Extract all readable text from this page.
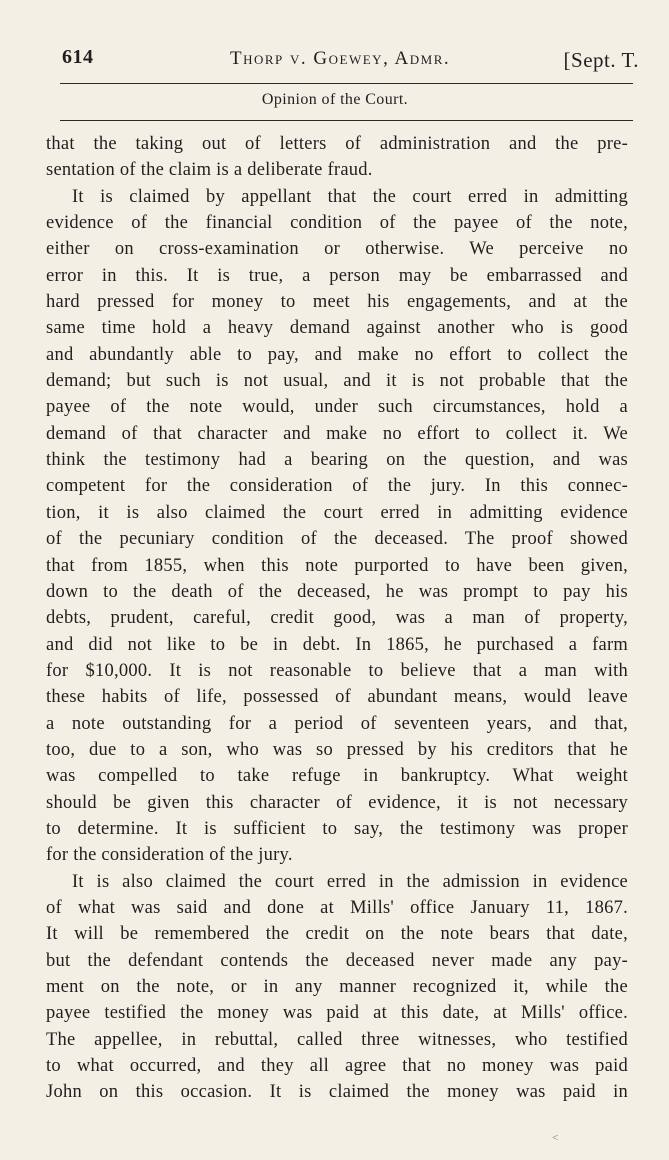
614	Thorp v. Goewey, Admr.	[Sept. T.
Opinion of the Court.
that the taking out of letters of administration and the pre-
sentation of the claim is a deliberate fraud.
It is claimed by appellant that the court erred in admitting
evidence of the financial condition of the payee of the note,
either on cross-examination or otherwise. We perceive no
error in this. It is true, a person may be embarrassed and
hard pressed for money to meet his engagements, and at the
same time hold a heavy demand against another who is good
and abundantly able to pay, and make no effort to collect the
demand; but such is not usual, and it is not probable that the
payee of the note would, under such circumstances, hold a
demand of that character and make no effort to collect it. We
think the testimony had a bearing on the question, and was
competent for the consideration of the jury. In this connec-
tion, it is also claimed the court erred in admitting evidence
of the pecuniary condition of the deceased. The proof showed
that from 1855, when this note purported to have been given,
down to the death of the deceased, he was prompt to pay his
debts, prudent, careful, credit good, was a man of property,
and did not like to be in debt. In 1865, he purchased a farm
for $10,000. It is not reasonable to believe that a man with
these habits of life, possessed of abundant means, would leave
a note outstanding for a period of seventeen years, and that,
too, due to a son, who was so pressed by his creditors that he
was compelled to take refuge in bankruptcy. What weight
should be given this character of evidence, it is not necessary
to determine. It is sufficient to say, the testimony was proper
for the consideration of the jury.
It is also claimed the court erred in the admission in evidence
of what was said and done at Mills' office January 11, 1867.
It will be remembered the credit on the note bears that date,
but the defendant contends the deceased never made any pay-
ment on the note, or in any manner recognized it, while the
payee testified the money was paid at this date, at Mills' office.
The appellee, in rebuttal, called three witnesses, who testified
to what occurred, and they all agree that no money was paid
John on this occasion. It is claimed the money was paid in
<
